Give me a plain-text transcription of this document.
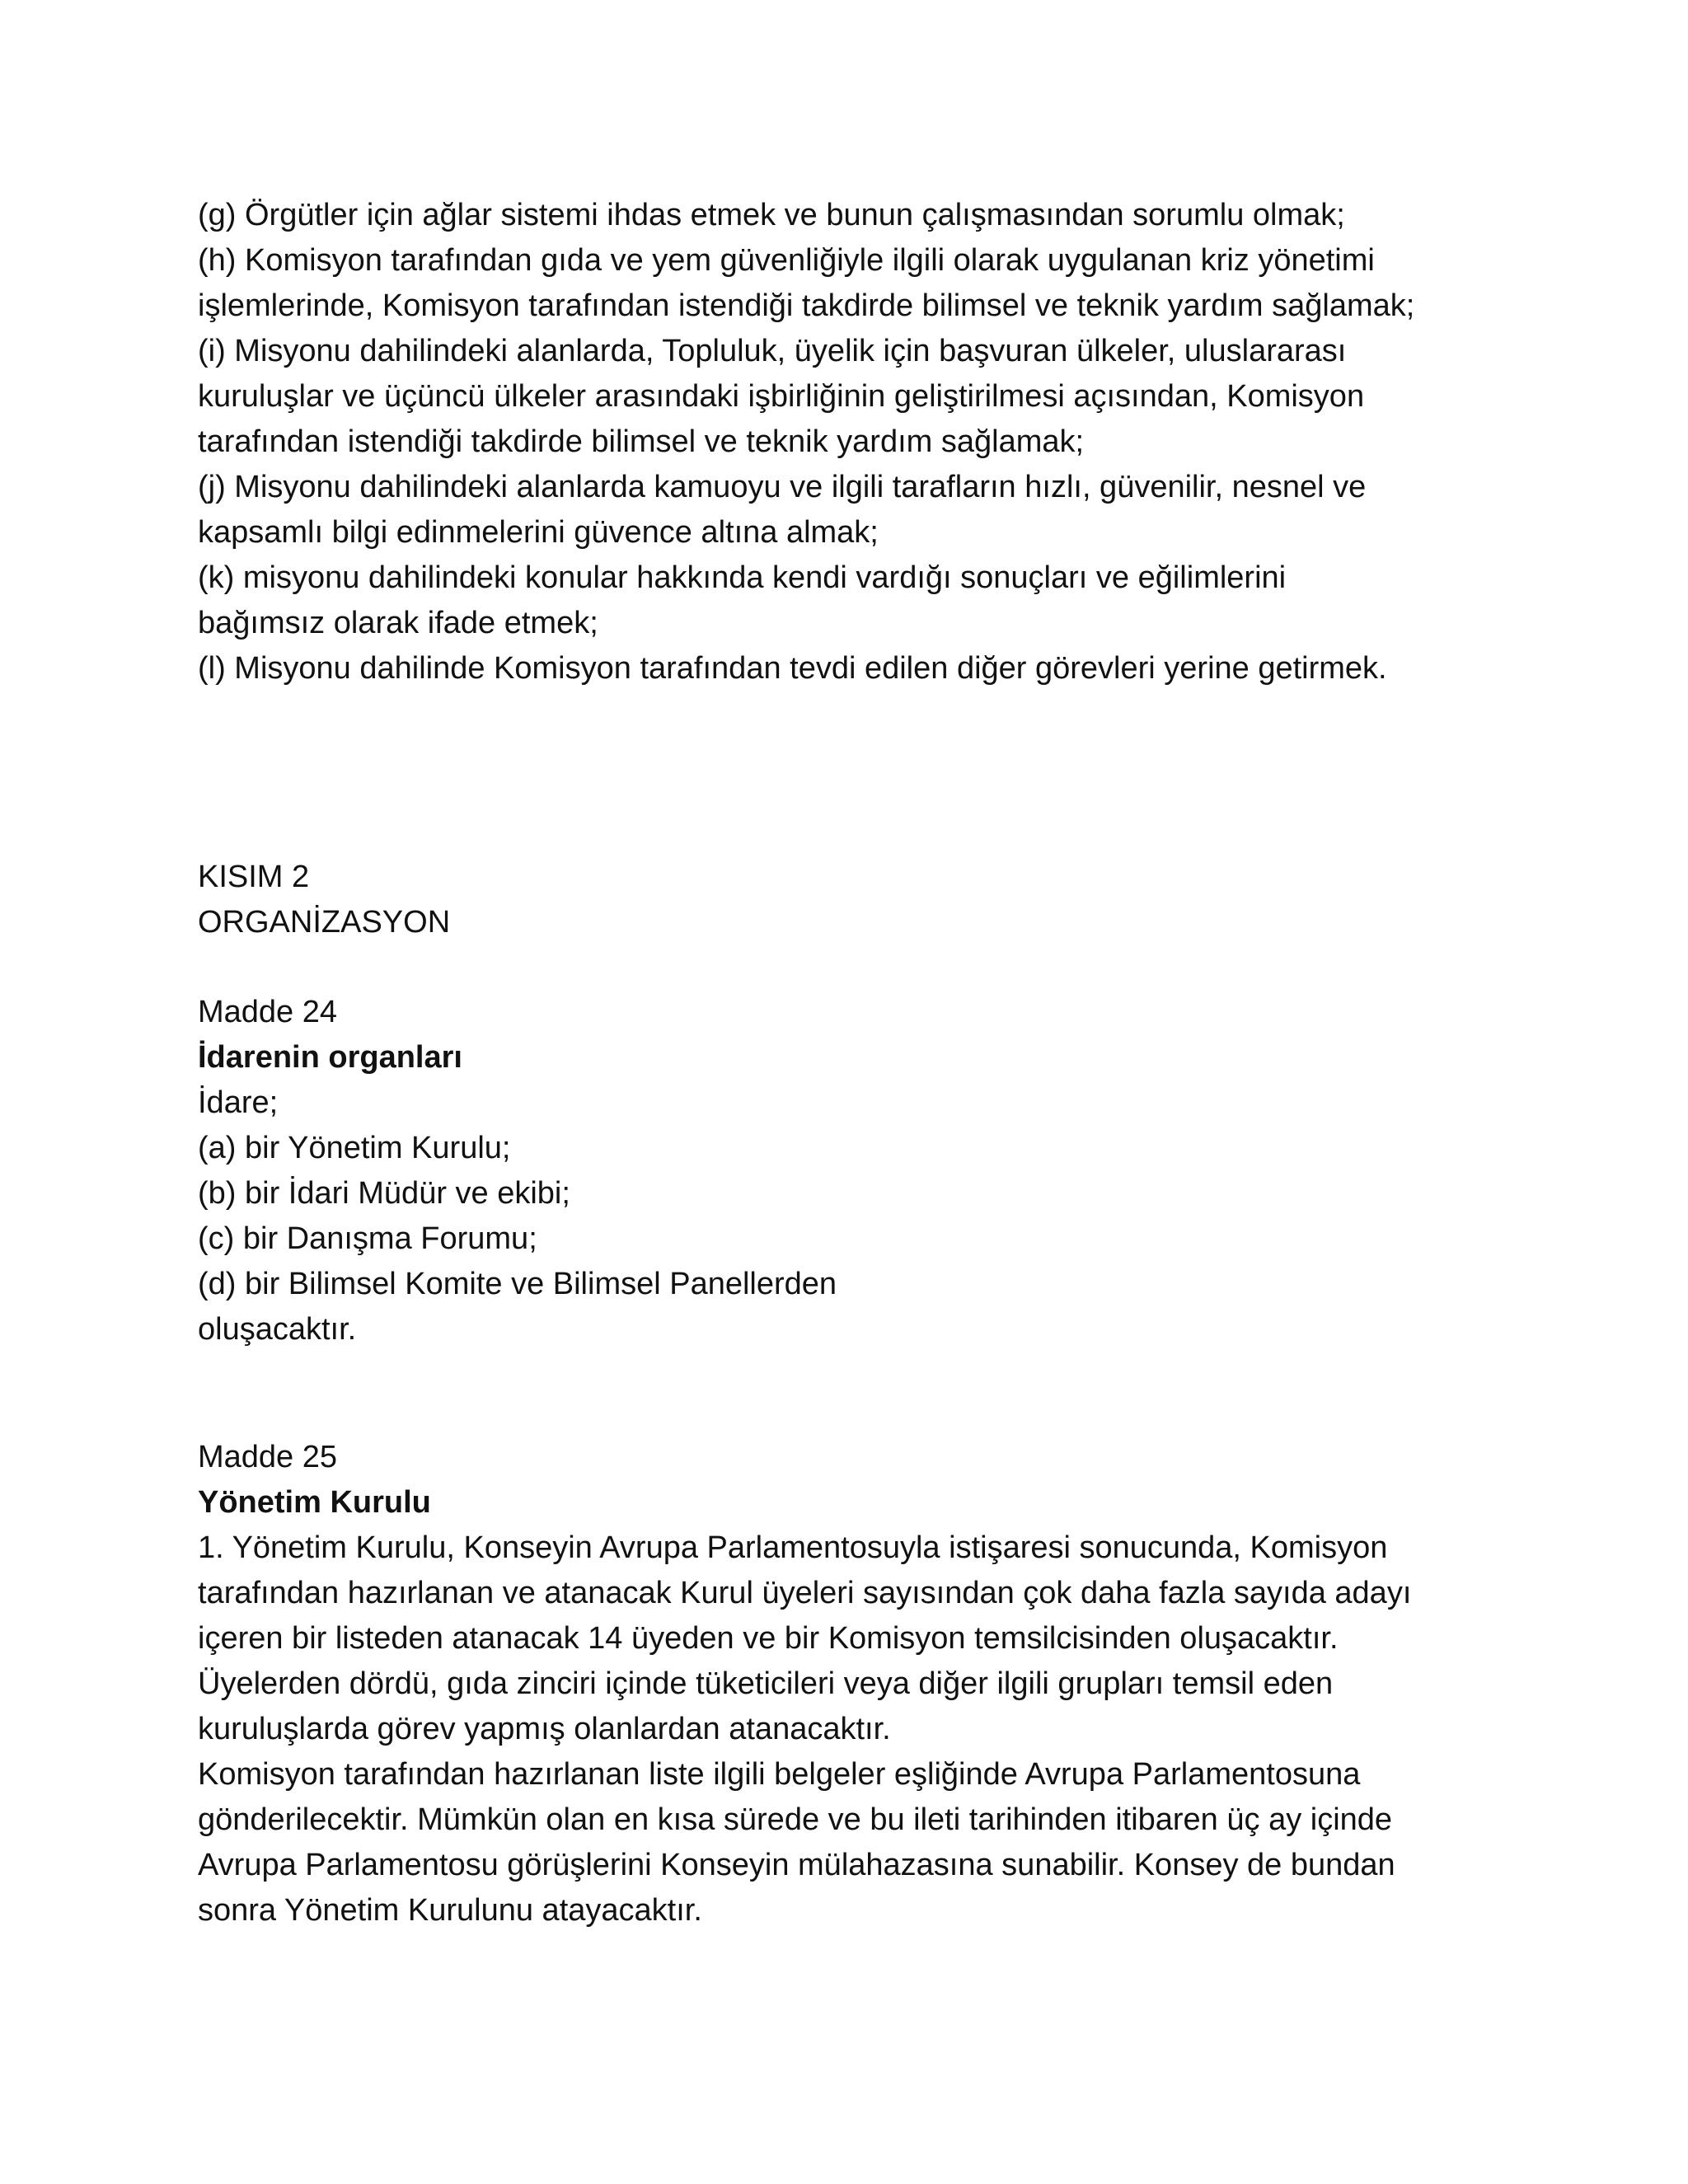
(g) Örgütler için ağlar sistemi ihdas etmek ve bunun çalışmasından sorumlu olmak;
(h) Komisyon tarafından gıda ve yem güvenliğiyle ilgili olarak uygulanan kriz yönetimi
işlemlerinde, Komisyon tarafından istendiği takdirde bilimsel ve teknik yardım sağlamak;
(i) Misyonu dahilindeki alanlarda, Topluluk, üyelik için başvuran ülkeler, uluslararası
kuruluşlar ve üçüncü ülkeler arasındaki işbirliğinin geliştirilmesi açısından, Komisyon
tarafından istendiği takdirde bilimsel ve teknik yardım sağlamak;
(j) Misyonu dahilindeki alanlarda kamuoyu ve ilgili tarafların hızlı, güvenilir, nesnel ve
kapsamlı bilgi edinmelerini güvence altına almak;
(k) misyonu dahilindeki konular hakkında kendi vardığı sonuçları ve eğilimlerini
bağımsız olarak ifade etmek;
(l) Misyonu dahilinde Komisyon tarafından tevdi edilen diğer görevleri yerine getirmek.
KISIM 2
ORGANİZASYON
Madde 24
İdarenin organları
İdare;
(a) bir Yönetim Kurulu;
(b) bir İdari Müdür ve ekibi;
(c) bir Danışma Forumu;
(d) bir Bilimsel Komite ve Bilimsel Panellerden
oluşacaktır.
Madde 25
Yönetim Kurulu
1. Yönetim Kurulu, Konseyin Avrupa Parlamentosuyla istişaresi sonucunda, Komisyon
tarafından hazırlanan ve atanacak Kurul üyeleri sayısından çok daha fazla sayıda adayı
içeren bir listeden atanacak 14 üyeden ve bir Komisyon temsilcisinden oluşacaktır.
Üyelerden dördü, gıda zinciri içinde tüketicileri veya diğer ilgili grupları temsil eden
kuruluşlarda görev yapmış olanlardan atanacaktır.
Komisyon tarafından hazırlanan liste ilgili belgeler eşliğinde Avrupa Parlamentosuna
gönderilecektir. Mümkün olan en kısa sürede ve bu ileti tarihinden itibaren üç ay içinde
Avrupa Parlamentosu görüşlerini Konseyin mülahazasına sunabilir. Konsey de bundan
sonra Yönetim Kurulunu atayacaktır.
